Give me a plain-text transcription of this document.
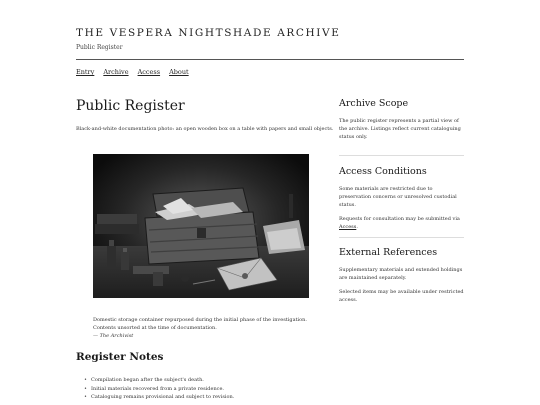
THE VESPERA NIGHTSHADE ARCHIVE
Public Register
Entry Archive Access About
Public Register

Black-and-white documentation photo: an open wooden box on a table with papers and small objects.

Domestic storage container repurposed during the initial phase of the investigation.
Contents unsorted at the time of documentation.
— The Archivist
Register Notes
• Compilation began after the subject's death.
• Initial materials recovered from a private residence.
• Cataloguing remains provisional and subject to revision.
Archive Scope

The public register represents a partial view of the archive. Listings reflect current cataloguing status only.

Access Conditions

Some materials are restricted due to preservation concerns or unresolved custodial status.

Requests for consultation may be submitted via Access.

External References

Supplementary materials and extended holdings are maintained separately.

Selected items may be available under restricted access.
